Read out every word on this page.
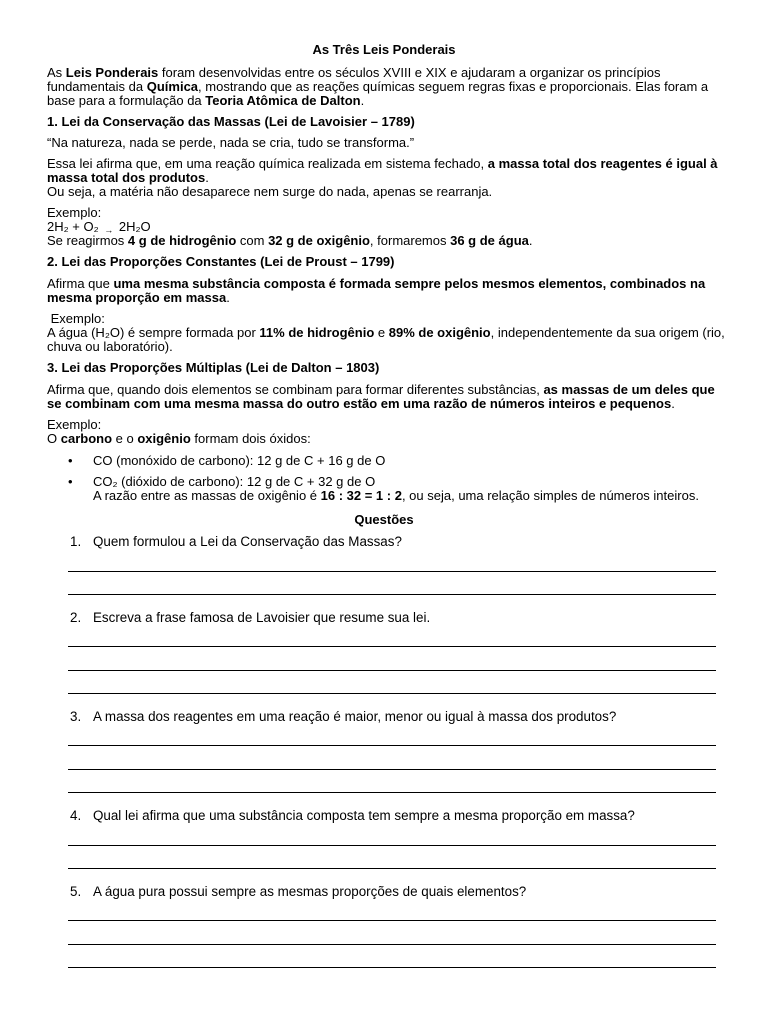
As Três Leis Ponderais
As Leis Ponderais foram desenvolvidas entre os séculos XVIII e XIX e ajudaram a organizar os princípios
fundamentais da Química, mostrando que as reações químicas seguem regras fixas e proporcionais. Elas foram a
base para a formulação da Teoria Atômica de Dalton.
1. Lei da Conservação das Massas (Lei de Lavoisier – 1789)
“Na natureza, nada se perde, nada se cria, tudo se transforma.”
Essa lei afirma que, em uma reação química realizada em sistema fechado, a massa total dos reagentes é igual à
massa total dos produtos.
Ou seja, a matéria não desaparece nem surge do nada, apenas se rearranja.
Exemplo:
2H₂ + O₂ → 2H₂O
Se reagirmos 4 g de hidrogênio com 32 g de oxigênio, formaremos 36 g de água.
2. Lei das Proporções Constantes (Lei de Proust – 1799)
Afirma que uma mesma substância composta é formada sempre pelos mesmos elementos, combinados na
mesma proporção em massa.
Exemplo:
A água (H₂O) é sempre formada por 11% de hidrogênio e 89% de oxigênio, independentemente da sua origem (rio,
chuva ou laboratório).
3. Lei das Proporções Múltiplas (Lei de Dalton – 1803)
Afirma que, quando dois elementos se combinam para formar diferentes substâncias, as massas de um deles que
se combinam com uma mesma massa do outro estão em uma razão de números inteiros e pequenos.
Exemplo:
O carbono e o oxigênio formam dois óxidos:
• CO (monóxido de carbono): 12 g de C + 16 g de O
• CO₂ (dióxido de carbono): 12 g de C + 32 g de O
A razão entre as massas de oxigênio é 16 : 32 = 1 : 2, ou seja, uma relação simples de números inteiros.
Questões
1. Quem formulou a Lei da Conservação das Massas?
2. Escreva a frase famosa de Lavoisier que resume sua lei.
3. A massa dos reagentes em uma reação é maior, menor ou igual à massa dos produtos?
4. Qual lei afirma que uma substância composta tem sempre a mesma proporção em massa?
5. A água pura possui sempre as mesmas proporções de quais elementos?
